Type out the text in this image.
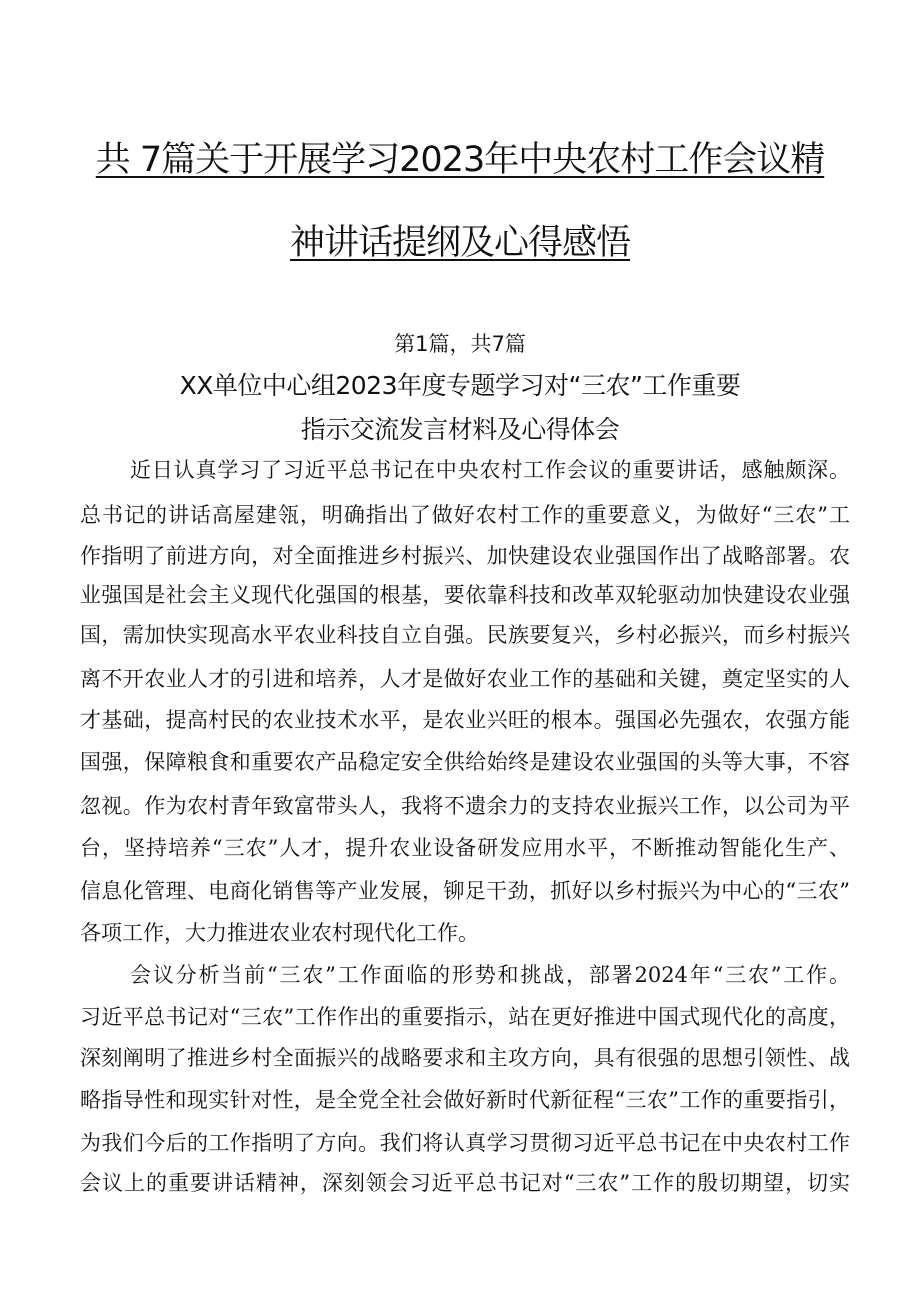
共 7篇关于开展学习2023年中央农村工作会议精
神讲话提纲及心得感悟

第1篇，共7篇

XX单位中心组2023年度专题学习对“三农”工作重要
指示交流发言材料及心得体会

近日认真学习了习近平总书记在中央农村工作会议的重要讲话，感触颇深。

总书记的讲话高屋建瓴，明确指出了做好农村工作的重要意义，为做好“三农”工

作指明了前进方向，对全面推进乡村振兴、加快建设农业强国作出了战略部署。农

业强国是社会主义现代化强国的根基，要依靠科技和改革双轮驱动加快建设农业强

国，需加快实现高水平农业科技自立自强。民族要复兴，乡村必振兴，而乡村振兴

离不开农业人才的引进和培养，人才是做好农业工作的基础和关键，奠定坚实的人

才基础，提高村民的农业技术水平，是农业兴旺的根本。强国必先强农，农强方能

国强，保障粮食和重要农产品稳定安全供给始终是建设农业强国的头等大事，不容

忽视。作为农村青年致富带头人，我将不遗余力的支持农业振兴工作，以公司为平

台，坚持培养“三农”人才，提升农业设备研发应用水平，不断推动智能化生产、

信息化管理、电商化销售等产业发展，铆足干劲，抓好以乡村振兴为中心的“三农”

各项工作，大力推进农业农村现代化工作。

会议分析当前“三农”工作面临的形势和挑战，部署2024年“三农”工作。

习近平总书记对“三农”工作作出的重要指示，站在更好推进中国式现代化的高度，

深刻阐明了推进乡村全面振兴的战略要求和主攻方向，具有很强的思想引领性、战

略指导性和现实针对性，是全党全社会做好新时代新征程“三农”工作的重要指引，

为我们今后的工作指明了方向。我们将认真学习贯彻习近平总书记在中央农村工作

会议上的重要讲话精神，深刻领会习近平总书记对“三农”工作的殷切期望，切实
